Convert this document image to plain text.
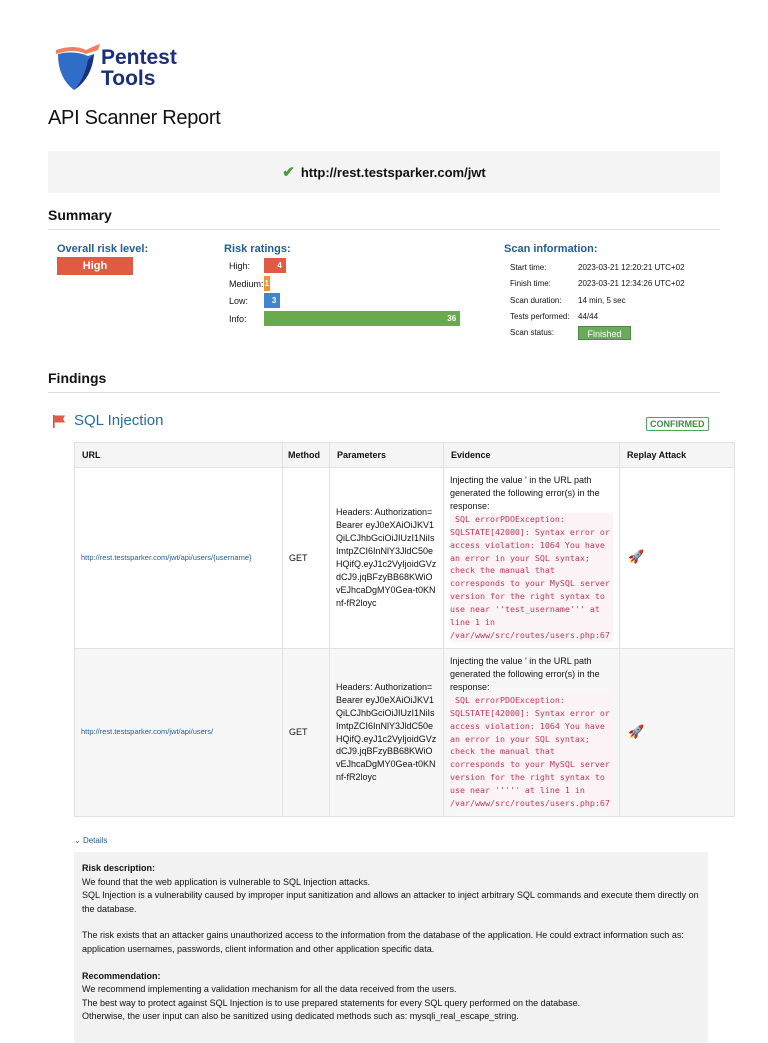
Pentest
Tools
API Scanner Report
✔ http://rest.testsparker.com/jwt
Summary
Overall risk level:
High
Risk ratings:
High:	4
Medium: 1
Low:	3
Info:	36
Scan information:
Start time:	2023-03-21 12:20:21 UTC+02
Finish time:	2023-03-21 12:34:26 UTC+02
Scan duration: 14 min, 5 sec
Tests performed: 44/44
Scan status:	Finished
Findings
SQL Injection	CONFIRMED
URL	Method	Parameters	Evidence	Replay Attack
http://rest.testsparker.com/jwt/api/users/{username}	GET	Headers: Authorization=Bearer eyJ0eXAiOiJKV1QiLCJhbGciOiJIUzI1NiIsImtpZCI6InNlY3JldC50eHQifQ.eyJ1c2VyIjoidGVzdCJ9.jqBFzyBB68KWiOvEJhcaDgMY0Gea-t0KNnf-fR2loyc	Injecting the value ' in the URL path generated the following error(s) in the response:
SQL errorPDOException: SQLSTATE[42000]: Syntax error or access violation: 1064 You have an error in your SQL syntax; check the manual that corresponds to your MySQL server version for the right syntax to use near ''test_username''' at line 1 in /var/www/src/routes/users.php:67	🚀
http://rest.testsparker.com/jwt/api/users/	GET	Headers: Authorization=Bearer eyJ0eXAiOiJKV1QiLCJhbGciOiJIUzI1NiIsImtpZCI6InNlY3JldC50eHQifQ.eyJ1c2VyIjoidGVzdCJ9.jqBFzyBB68KWiOvEJhcaDgMY0Gea-t0KNnf-fR2loyc	Injecting the value ' in the URL path generated the following error(s) in the response:
SQL errorPDOException: SQLSTATE[42000]: Syntax error or access violation: 1064 You have an error in your SQL syntax; check the manual that corresponds to your MySQL server version for the right syntax to use near ''''' at line 1 in /var/www/src/routes/users.php:67	🚀
⌄ Details
Risk description:
We found that the web application is vulnerable to SQL Injection attacks.
SQL Injection is a vulnerability caused by improper input sanitization and allows an attacker to inject arbitrary SQL commands and execute them directly on the database.
The risk exists that an attacker gains unauthorized access to the information from the database of the application. He could extract information such as: application usernames, passwords, client information and other application specific data.
Recommendation:
We recommend implementing a validation mechanism for all the data received from the users.
The best way to protect against SQL Injection is to use prepared statements for every SQL query performed on the database.
Otherwise, the user input can also be sanitized using dedicated methods such as: mysqli_real_escape_string.
